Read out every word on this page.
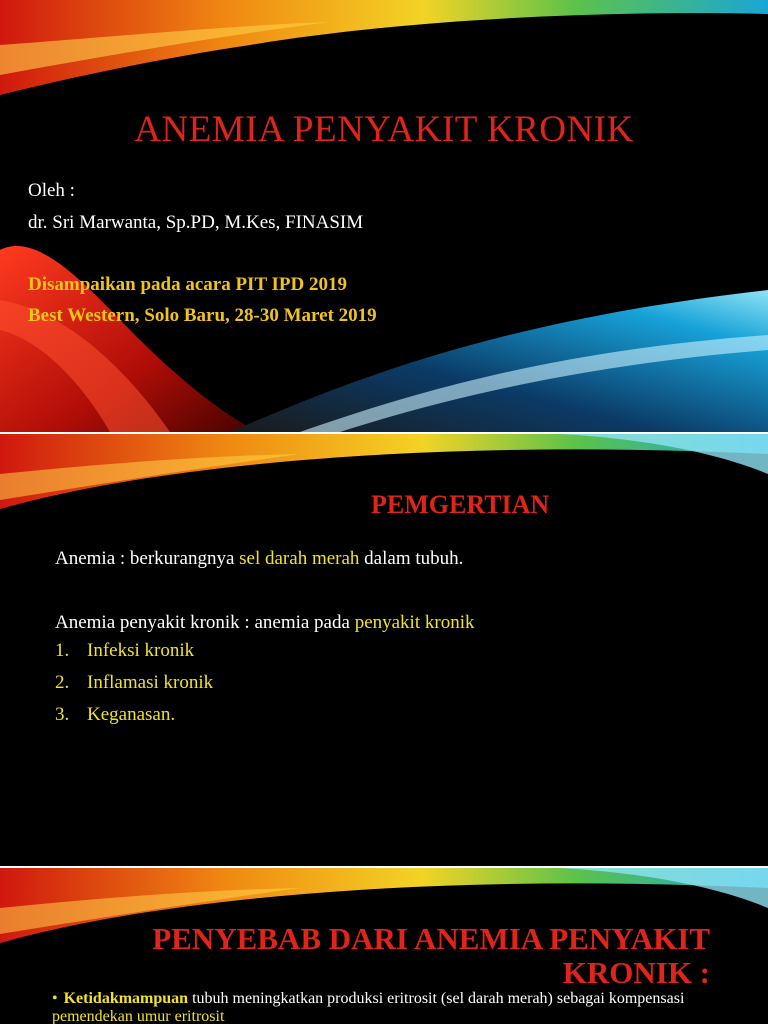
ANEMIA PENYAKIT KRONIK

Oleh :

dr. Sri Marwanta, Sp.PD, M.Kes, FINASIM

Disampaikan pada acara PIT IPD 2019

Best Western, Solo Baru, 28-30 Maret 2019

PEMGERTIAN

Anemia : berkurangnya sel darah merah dalam tubuh.

Anemia penyakit kronik : anemia pada penyakit kronik

1. Infeksi kronik
2. Inflamasi kronik
3. Keganasan.
PENYEBAB DARI ANEMIA PENYAKIT
KRONIK :

• Ketidakmampuan tubuh meningkatkan produksi eritrosit (sel darah merah) sebagai kompensasi pemendekan umur eritrosit
